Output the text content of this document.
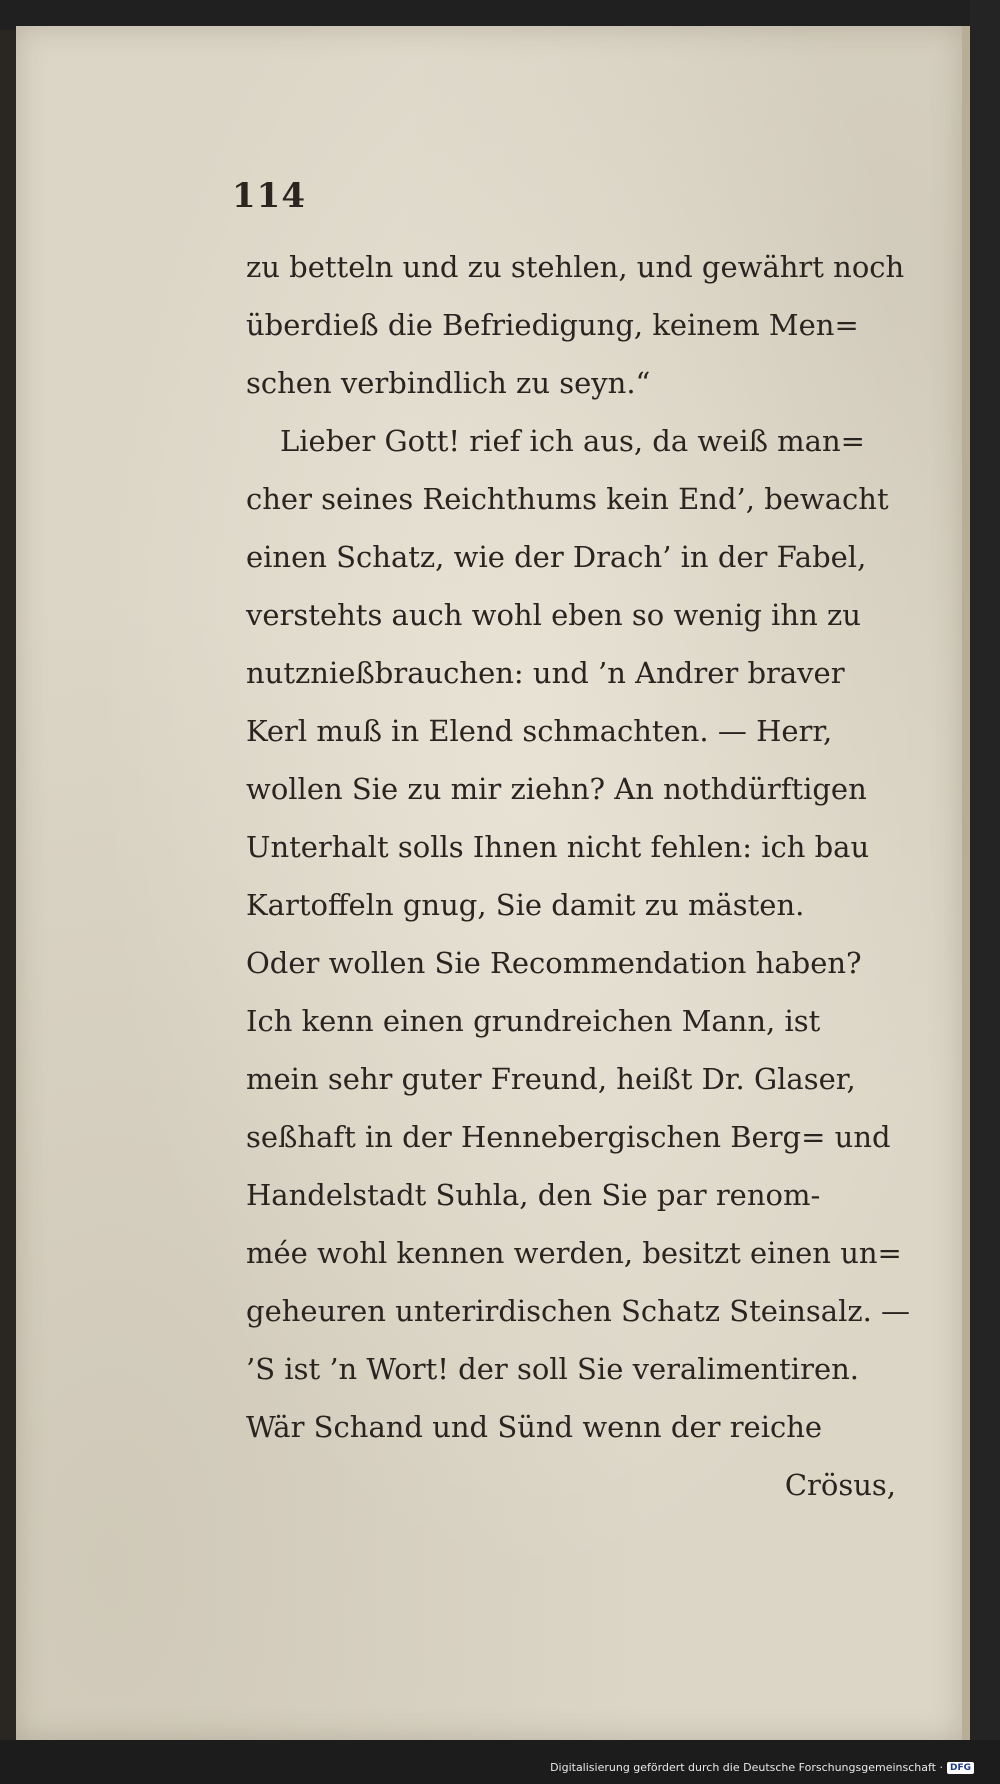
114
zu betteln und zu stehlen, und gewährt noch
überdieß die Befriedigung, keinem Men=
schen verbindlich zu seyn.“
Lieber Gott! rief ich aus, da weiß man=
cher seines Reichthums kein End’, bewacht
einen Schatz, wie der Drach’ in der Fabel,
verstehts auch wohl eben so wenig ihn zu
nutznießbrauchen: und ’n Andrer braver
Kerl muß in Elend schmachten. — Herr,
wollen Sie zu mir ziehn? An nothdürftigen
Unterhalt solls Ihnen nicht fehlen: ich bau
Kartoffeln gnug, Sie damit zu mästen.
Oder wollen Sie Recommendation haben?
Ich kenn einen grundreichen Mann, ist
mein sehr guter Freund, heißt Dr. Glaser,
seßhaft in der Hennebergischen Berg= und
Handelstadt Suhla, den Sie par renom-
mée wohl kennen werden, besitzt einen un=
geheuren unterirdischen Schatz Steinsalz. —
’S ist ’n Wort! der soll Sie veralimentiren.
Wär Schand und Sünd wenn der reiche
Crösus,
Digitalisierung gefördert durch die Deutsche Forschungsgemeinschaft · DFG
